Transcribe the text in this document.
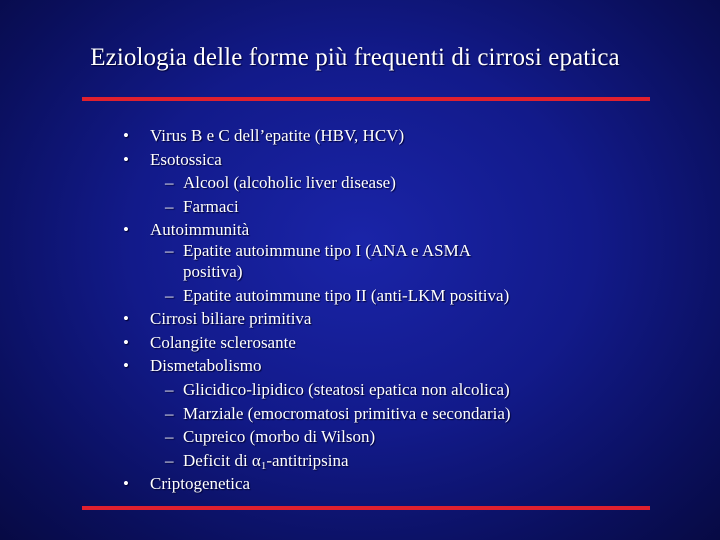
Eziologia delle forme più frequenti di cirrosi epatica
• Virus B e C dell’epatite (HBV, HCV)
• Esotossica
– Alcool (alcoholic liver disease)
– Farmaci
• Autoimmunità
– Epatite autoimmune tipo I (ANA e ASMA
positiva)
– Epatite autoimmune tipo II (anti-LKM positiva)
• Cirrosi biliare primitiva
• Colangite sclerosante
• Dismetabolismo
– Glicidico-lipidico (steatosi epatica non alcolica)
– Marziale (emocromatosi primitiva e secondaria)
– Cupreico (morbo di Wilson)
– Deficit di $\alpha_1$-antitripsina
• Criptogenetica
